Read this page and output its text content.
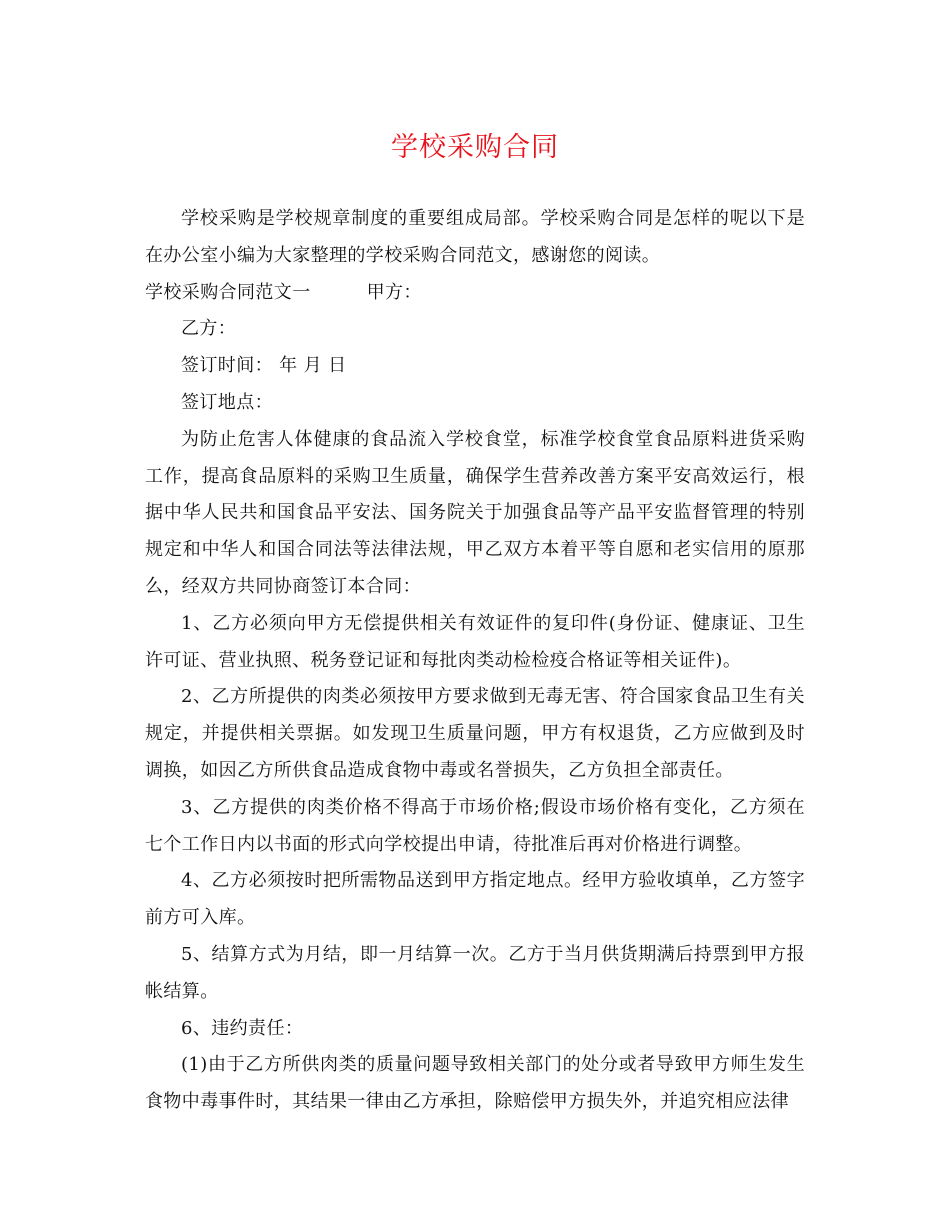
学校采购合同

学校采购是学校规章制度的重要组成局部。学校采购合同是怎样的呢以下是在办公室小编为大家整理的学校采购合同范文，感谢您的阅读。

学校采购合同范文一	甲方：

乙方：

签订时间： 年 月 日

签订地点：

为防止危害人体健康的食品流入学校食堂，标准学校食堂食品原料进货采购工作，提高食品原料的采购卫生质量，确保学生营养改善方案平安高效运行，根据中华人民共和国食品平安法、国务院关于加强食品等产品平安监督管理的特别规定和中华人和国合同法等法律法规，甲乙双方本着平等自愿和老实信用的原那么，经双方共同协商签订本合同：

1、乙方必须向甲方无偿提供相关有效证件的复印件(身份证、健康证、卫生许可证、营业执照、税务登记证和每批肉类动检检疫合格证等相关证件)。

2、乙方所提供的肉类必须按甲方要求做到无毒无害、符合国家食品卫生有关规定，并提供相关票据。如发现卫生质量问题，甲方有权退货，乙方应做到及时调换，如因乙方所供食品造成食物中毒或名誉损失，乙方负担全部责任。

3、乙方提供的肉类价格不得高于市场价格;假设市场价格有变化，乙方须在七个工作日内以书面的形式向学校提出申请，待批准后再对价格进行调整。

4、乙方必须按时把所需物品送到甲方指定地点。经甲方验收填单，乙方签字前方可入库。

5、结算方式为月结，即一月结算一次。乙方于当月供货期满后持票到甲方报帐结算。

6、违约责任：

(1)由于乙方所供肉类的质量问题导致相关部门的处分或者导致甲方师生发生食物中毒事件时，其结果一律由乙方承担，除赔偿甲方损失外，并追究相应法律
